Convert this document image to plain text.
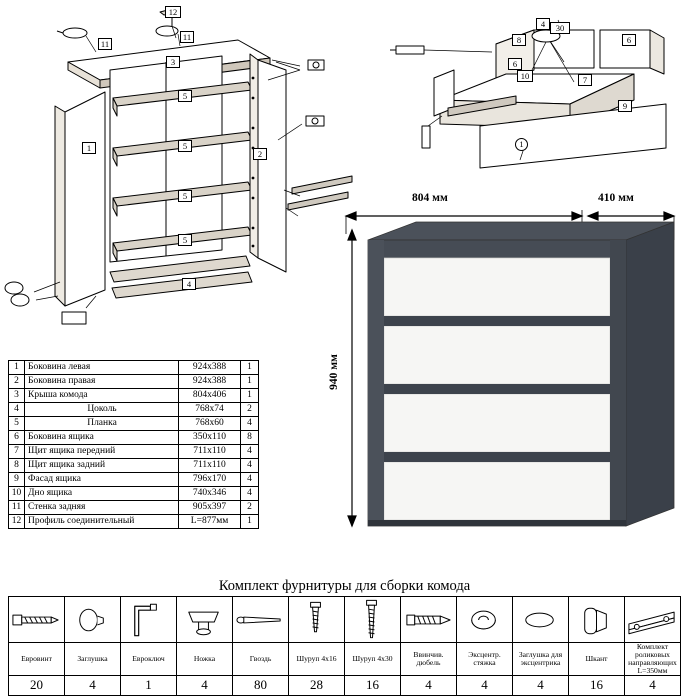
12
11
11
3
5
5
5
5
1
2
4
4	30
8	6
6
10	7
9
1
804 мм	410 мм
940 мм
1	Боковина левая	924х388	1
2	Боковина правая	924х388	1
3	Крыша комода	804х406	1
4	Цоколь	768х74	2
5	Планка	768х60	4
6	Боковина ящика	350х110	8
7	Щит ящика передний	711х110	4
8	Щит ящика задний	711х110	4
9	Фасад ящика	796х170	4
10	Дно ящика	740х346	4
11	Стенка задняя	905х397	2
12	Профиль соединительный	L=877мм	1
Комплект фурнитуры для сборки комода

Евровинт	Заглушка	Евроключ	Ножка	Гвоздь	Шуруп 4х16	Шуруп 4х30	Ввинчив. дюбель	Эксцентр. стяжка	Заглушка для эксцентрика	Шкант	Комплект роликовых направляющих L=350мм
20	4	1	4	80	28	16	4	4	4	16	4
